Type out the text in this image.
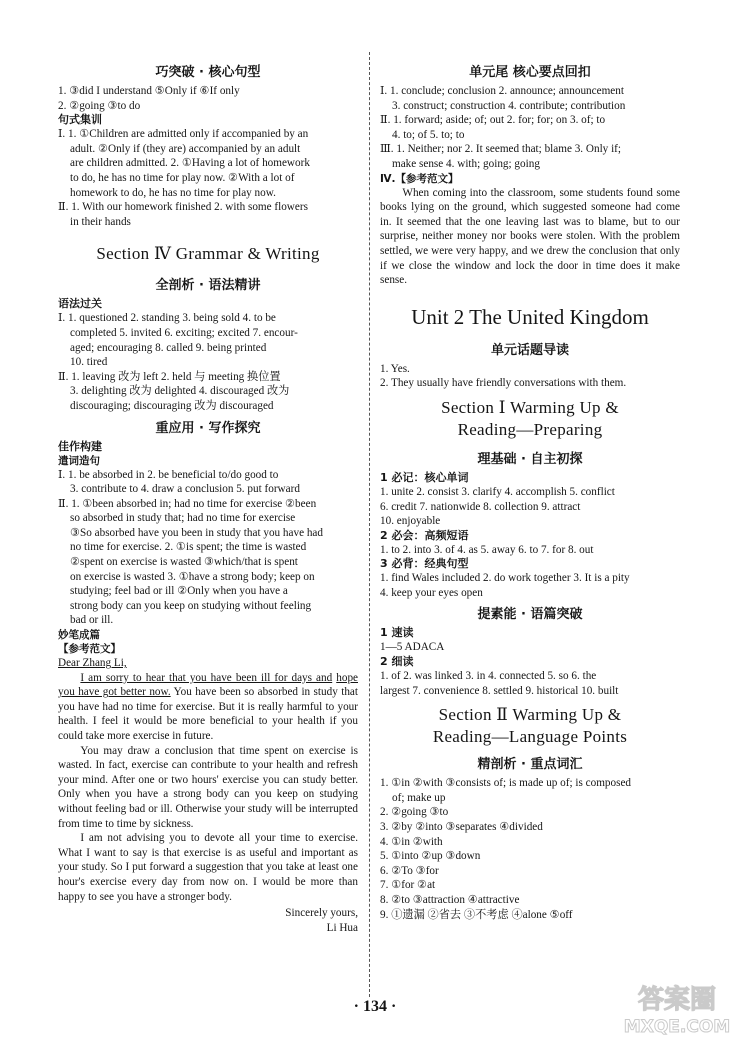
巧突破 · 核心句型
1. ③did I understand ⑤Only if ⑥If only
2. ②going ③to do
句式集训
Ⅰ. 1. ①Children are admitted only if accompanied by an
adult. ②Only if (they are) accompanied by an adult
are children admitted. 2. ①Having a lot of homework
to do, he has no time for play now. ②With a lot of
homework to do, he has no time for play now.
Ⅱ. 1. With our homework finished 2. with some flowers
in their hands
Section Ⅳ Grammar & Writing
全剖析 · 语法精讲
语法过关
Ⅰ. 1. questioned 2. standing 3. being sold 4. to be
completed 5. invited 6. exciting; excited 7. encour-
aged; encouraging 8. called 9. being printed
10. tired
Ⅱ. 1. leaving 改为 left 2. held 与 meeting 换位置
3. delighting 改为 delighted 4. discouraged 改为
discouraging; discouraging 改为 discouraged
重应用 · 写作探究
佳作构建
遣词造句
Ⅰ. 1. be absorbed in 2. be beneficial to/do good to
3. contribute to 4. draw a conclusion 5. put forward
Ⅱ. 1. ①been absorbed in; had no time for exercise ②been
so absorbed in study that; had no time for exercise
③So absorbed have you been in study that you have had
no time for exercise. 2. ①is spent; the time is wasted
②spent on exercise is wasted ③which/that is spent
on exercise is wasted 3. ①have a strong body; keep on
studying; feel bad or ill ②Only when you have a
strong body can you keep on studying without feeling
bad or ill.
妙笔成篇
【参考范文】
Dear Zhang Li,
I am sorry to hear that you have been ill for days and hope you have got better now. You have been so absorbed in study that you have had no time for exercise. But it is really harmful to your health. I feel it would be more beneficial to your health if you could take more exercise in future.
You may draw a conclusion that time spent on exercise is wasted. In fact, exercise can contribute to your health and refresh your mind. After one or two hours' exercise you can study better. Only when you have a strong body can you keep on studying without feeling bad or ill. Otherwise your study will be interrupted from time to time by sickness.
I am not advising you to devote all your time to exercise. What I want to say is that exercise is as useful and important as your study. So I put forward a suggestion that you take at least one hour's exercise every day from now on. I would be more than happy to see you have a stronger body.
Sincerely yours,
Li Hua
单元尾 核心要点回扣
Ⅰ. 1. conclude; conclusion 2. announce; announcement
3. construct; construction 4. contribute; contribution
Ⅱ. 1. forward; aside; of; out 2. for; for; on 3. of; to
4. to; of 5. to; to
Ⅲ. 1. Neither; nor 2. It seemed that; blame 3. Only if;
make sense 4. with; going; going
Ⅳ.【参考范文】
When coming into the classroom, some students found some books lying on the ground, which suggested someone had come in. It seemed that the one leaving last was to blame, but to our surprise, neither money nor books were stolen. With the problem settled, we were very happy, and we drew the conclusion that only if we close the window and lock the door in time does it make sense.
Unit 2 The United Kingdom
单元话题导读
1. Yes.
2. They usually have friendly conversations with them.
Section Ⅰ Warming Up &
Reading—Preparing
理基础 · 自主初探
1 必记：核心单词
1. unite 2. consist 3. clarify 4. accomplish 5. conflict
6. credit 7. nationwide 8. collection 9. attract
10. enjoyable
2 必会：高频短语
1. to 2. into 3. of 4. as 5. away 6. to 7. for 8. out
3 必背：经典句型
1. find Wales included 2. do work together 3. It is a pity
4. keep your eyes open
提素能 · 语篇突破
1 速读
1—5 ADACA
2 细读
1. of 2. was linked 3. in 4. connected 5. so 6. the
largest 7. convenience 8. settled 9. historical 10. built
Section Ⅱ Warming Up &
Reading—Language Points
精剖析 · 重点词汇
1. ①in ②with ③consists of; is made up of; is composed
of; make up
2. ②going ③to
3. ②by ②into ③separates ④divided
4. ①in ②with
5. ①into ②up ③down
6. ②To ③for
7. ①for ②at
8. ②to ③attraction ④attractive
9. ①遗漏 ②省去 ③不考虑 ④alone ⑤off
· 134 ·	答案圈
MXQE.COM
